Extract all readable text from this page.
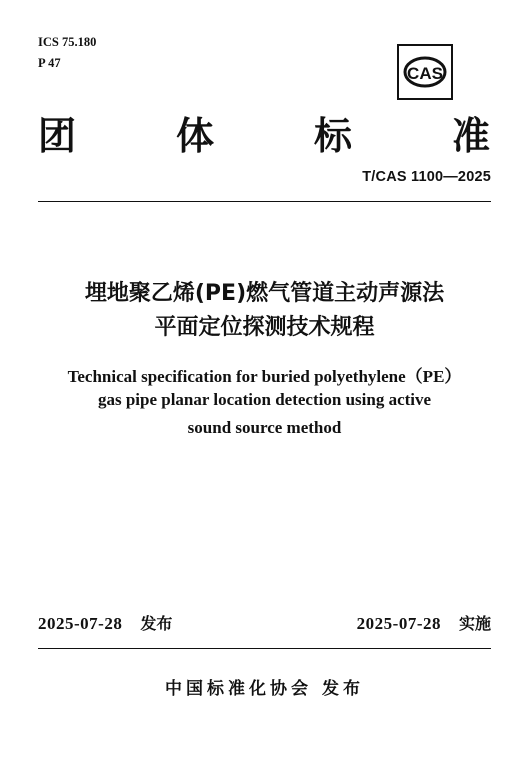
ICS 75.180
P 47
CAS
团	体	标	准
T/CAS 1100—2025
埋地聚乙烯(PE)燃气管道主动声源法
平面定位探测技术规程
Technical specification for buried polyethylene（PE）
gas pipe planar location detection using active
sound source method
2025-07-28 发布	2025-07-28 实施
中国标准化协会 发布
